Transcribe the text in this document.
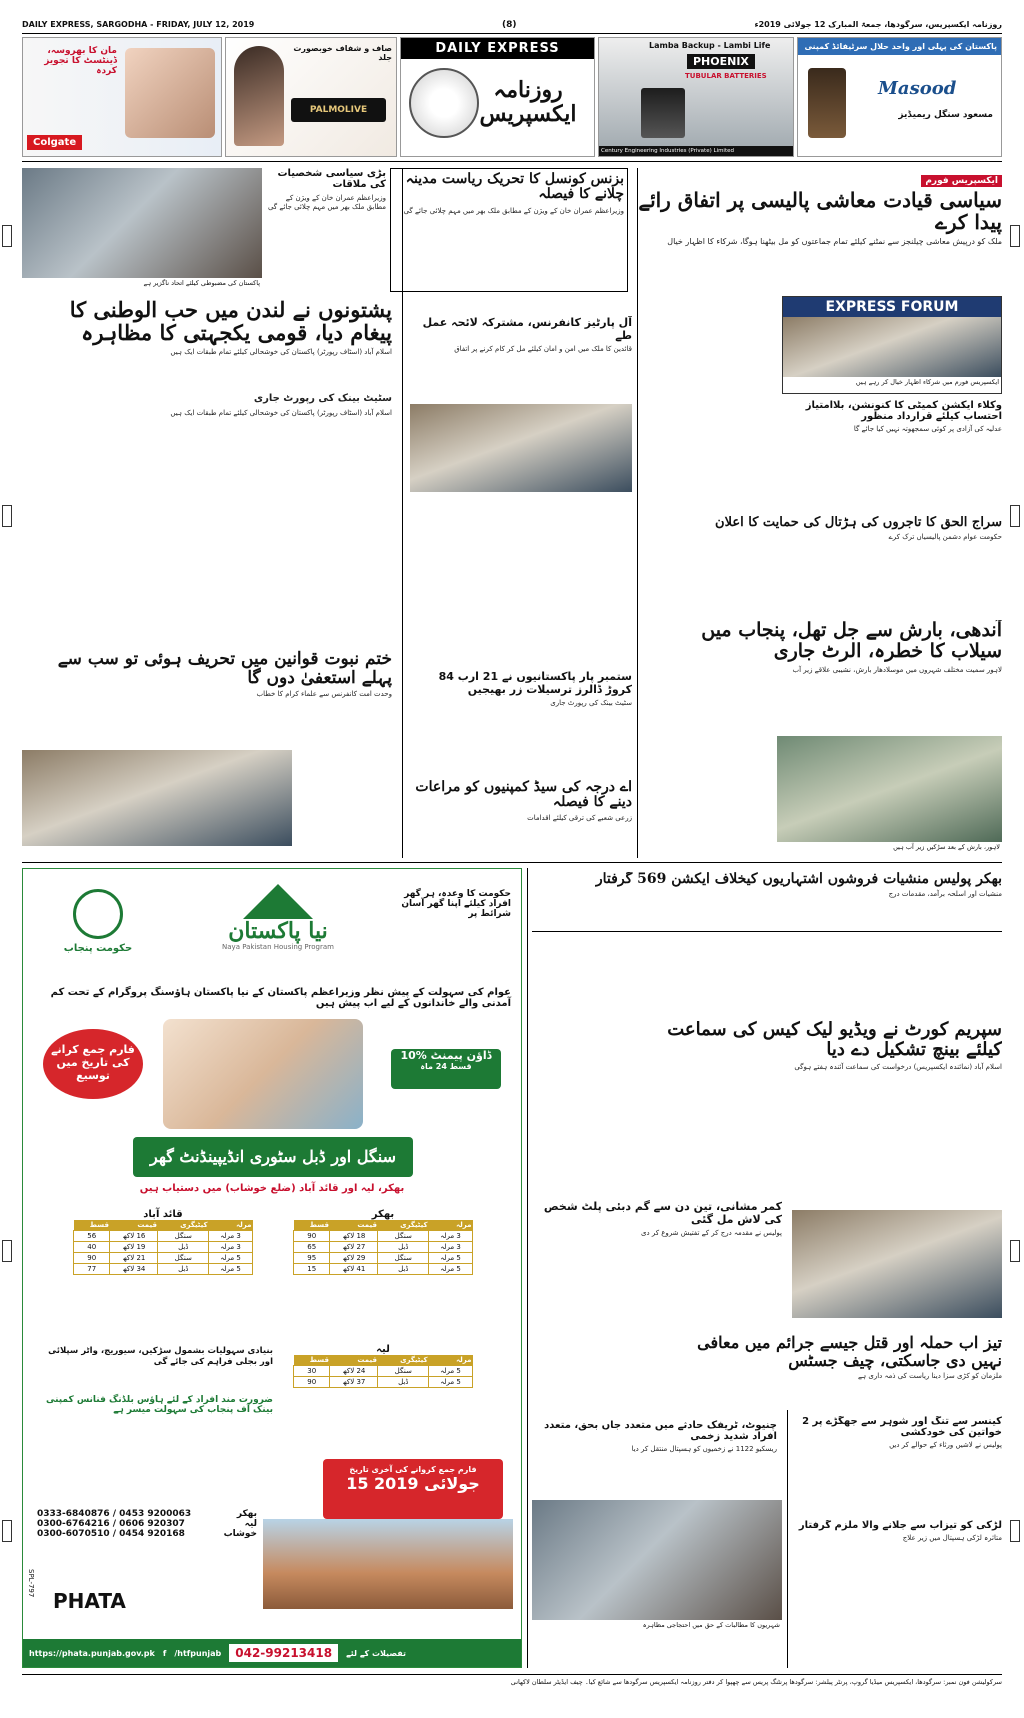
DAILY EXPRESS, SARGODHA - FRIDAY, JULY 12, 2019	(8)	روزنامہ ایکسپریس، سرگودھا، جمعۃ المبارک 12 جولائی 2019ء
مان کا بھروسہ، ڈینٹسٹ کا تجویز کردہ
Colgate
صاف و شفاف خوبصورت جلد
PALMOLIVE
DAILY EXPRESS
روزنامہ ایکسپریس
Lamba Backup - Lambi Life
PHOENIX
TUBULAR BATTERIES
Century Engineering Industries (Private) Limited
پاکستان کی پہلی اور واحد حلال سرٹیفائڈ کمپنی
Masood
مسعود سنگل ریمیڈیز
پاکستان کی مضبوطی کیلئے اتحاد ناگزیر ہے
بڑی سیاسی شخصیات کی ملاقات
وزیراعظم عمران خان کے ویژن کے مطابق ملک بھر میں مہم چلائی جائے گی
بزنس کونسل کا تحریک ریاست مدینہ چلانے کا فیصلہ
وزیراعظم عمران خان کے ویژن کے مطابق ملک بھر میں مہم چلائی جائے گی
ایکسپریس فورم
سیاسی قیادت معاشی پالیسی پر اتفاق رائے پیدا کرے
ملک کو درپیش معاشی چیلنجز سے نمٹنے کیلئے تمام جماعتوں کو مل بیٹھنا ہوگا، شرکاء کا اظہار خیال
پشتونوں نے لندن میں حب الوطنی کا پیغام دیا، قومی یکجہتی کا مظاہرہ
اسلام آباد (اسٹاف رپورٹر) پاکستان کی خوشحالی کیلئے تمام طبقات ایک ہیں
EXPRESS FORUM
ایکسپریس فورم میں شرکاء اظہار خیال کر رہے ہیں
آل پارٹیز کانفرنس، مشترکہ لائحہ عمل طے
قائدین کا ملک میں امن و امان کیلئے مل کر کام کرنے پر اتفاق
وکلاء ایکشن کمیٹی کا کنونشن، بلاامتیاز احتساب کیلئے قرارداد منظور
عدلیہ کی آزادی پر کوئی سمجھوتہ نہیں کیا جائے گا
سراج الحق کا تاجروں کی ہڑتال کی حمایت کا اعلان
حکومت عوام دشمن پالیسیاں ترک کرے
سٹیٹ بینک کی رپورٹ جاری
اسلام آباد (اسٹاف رپورٹر) پاکستان کی خوشحالی کیلئے تمام طبقات ایک ہیں
آندھی، بارش سے جل تھل، پنجاب میں سیلاب کا خطرہ، الرٹ جاری
لاہور سمیت مختلف شہروں میں موسلادھار بارش، نشیبی علاقے زیر آب
لاہور، بارش کے بعد سڑکیں زیر آب ہیں
ختم نبوت قوانین میں تحریف ہوئی تو سب سے پہلے استعفیٰ دوں گا
وحدت امت کانفرنس سے علماء کرام کا خطاب
ستمبر پار پاکستانیوں نے 21 ارب 84 کروڑ ڈالرز ترسیلات زر بھیجیں
سٹیٹ بینک کی رپورٹ جاری
اے درجہ کی سیڈ کمپنیوں کو مراعات دینے کا فیصلہ
زرعی شعبے کی ترقی کیلئے اقدامات
حکومت پنجاب
نیا پاکستان
Naya Pakistan Housing Program
حکومت کا وعدہ، ہر گھر افراد کیلئے اپنا گھر آسان شرائط پر
عوام کی سہولت کے پیش نظر وزیراعظم پاکستان کے نیا پاکستان ہاؤسنگ پروگرام کے تحت کم آمدنی والے خاندانوں کے لیے اب پیش ہیں
فارم جمع کرانے کی تاریخ میں توسیع
10% ڈاؤن پیمنٹ
قسط 24 ماہ
سنگل اور ڈبل سٹوری انڈیپینڈنٹ گھر
بھکر، لیہ اور قائد آباد (ضلع خوشاب) میں دستیاب ہیں
قائد آباد
مرلہ	کیٹیگری	قیمت	قسط
3 مرلہ	سنگل	16 لاکھ	56
3 مرلہ	ڈبل	19 لاکھ	40
5 مرلہ	سنگل	21 لاکھ	90
5 مرلہ	ڈبل	34 لاکھ	77
بھکر
مرلہ	کیٹیگری	قیمت	قسط
3 مرلہ	سنگل	18 لاکھ	90
3 مرلہ	ڈبل	27 لاکھ	65
5 مرلہ	سنگل	29 لاکھ	95
5 مرلہ	ڈبل	41 لاکھ	15
لیہ
مرلہ	کیٹیگری	قیمت	قسط
5 مرلہ	سنگل	24 لاکھ	30
5 مرلہ	ڈبل	37 لاکھ	90
بنیادی سہولیات بشمول سڑکیں، سیوریج، واٹر سپلائی اور بجلی فراہم کی جائے گی
ضرورت مند افراد کے لئے ہاؤس بلڈنگ فنانس کمپنی بینک آف پنجاب کی سہولت میسر ہے
فارم جمع کروانے کی آخری تاریخ
15 جولائی 2019
0333-6840876 / 0453 9200063	بھکر
0300-6764216 / 0606 920307	لیہ
0300-6070510 / 0454 920168	خوشاب
PHATA
SPL-797
https://phata.punjab.gov.pk f /htfpunjab	042-99213418	تفصیلات کے لئے
بھکر پولیس منشیات فروشوں اشتہاریوں کیخلاف ایکشن 569 گرفتار
منشیات اور اسلحہ برآمد، مقدمات درج
سپریم کورٹ نے ویڈیو لیک کیس کی سماعت کیلئے بینچ تشکیل دے دیا
اسلام آباد (نمائندہ ایکسپریس) درخواست کی سماعت آئندہ ہفتے ہوگی
کمر مشانی، تین دن سے گم دبئی پلٹ شخص کی لاش مل گئی
پولیس نے مقدمہ درج کر کے تفتیش شروع کر دی
تیز اب حملہ اور قتل جیسے جرائم میں معافی نہیں دی جاسکتی، چیف جسٹس
ملزمان کو کڑی سزا دینا ریاست کی ذمہ داری ہے
کینسر سے تنگ اور شوہر سے جھگڑے پر 2 خواتین کی خودکشی
پولیس نے لاشیں ورثاء کے حوالے کر دیں
چنیوٹ، ٹریفک حادثے میں متعدد جاں بحق، متعدد افراد شدید زخمی
ریسکیو 1122 نے زخمیوں کو ہسپتال منتقل کر دیا
شہریوں کا مطالبات کے حق میں احتجاجی مظاہرہ
لڑکی کو تیزاب سے جلانے والا ملزم گرفتار
متاثرہ لڑکی ہسپتال میں زیر علاج
سرکولیشن فون نمبر: سرگودھا، ایکسپریس میڈیا گروپ، پرنٹر پبلشر: سرگودھا پرنٹنگ پریس سے چھپوا کر دفتر روزنامہ ایکسپریس سرگودھا سے شائع کیا۔ چیف ایڈیٹر سلطان لاکھانی
